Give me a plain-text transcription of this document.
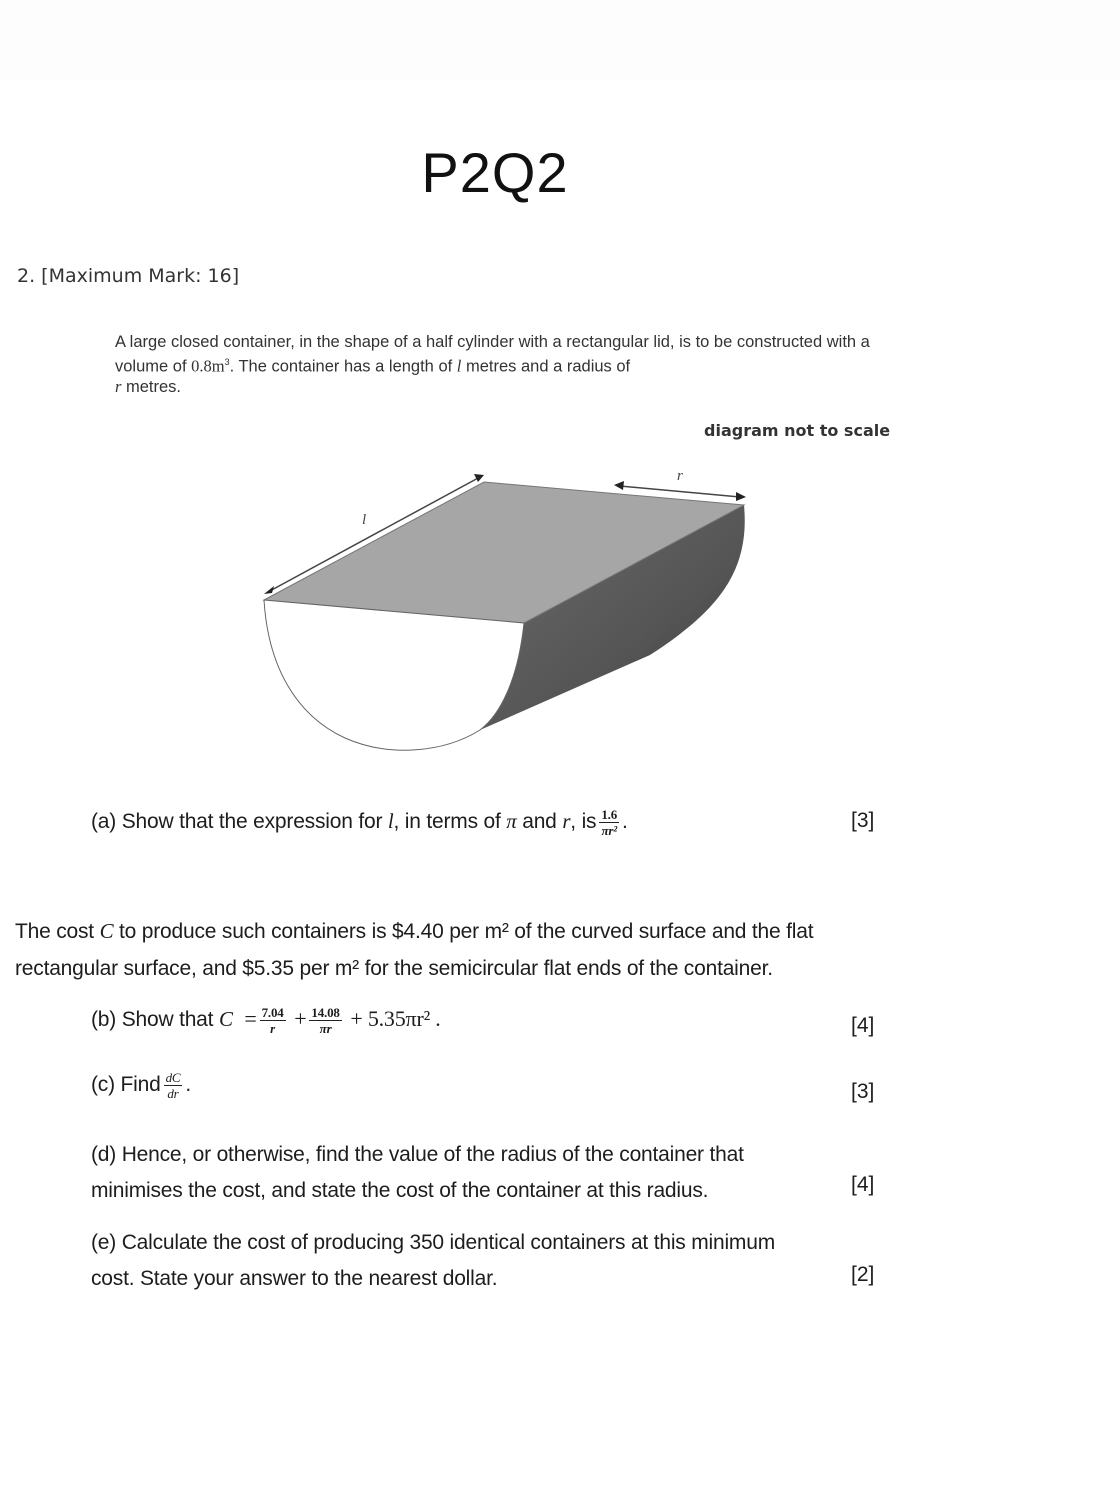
P2Q2
2. [Maximum Mark: 16]
A large closed container, in the shape of a half cylinder with a rectangular lid, is to be constructed with a volume of $0.8m^3$. The container has a length of l metres and a radius of
r metres.
diagram not to scale
l
r
(a) Show that the expression for l, in terms of π and r, is $\frac{1.6}{\text{πr²}}$ .	[3]
The cost C to produce such containers is $4.40 per m² of the curved surface and the flat
rectangular surface, and $5.35 per m² for the semicircular flat ends of the container.
(b) Show that $C = \frac{7.04}{r} + \frac{14.08}{\pi r} + 5.35\pi r^2$ .	[4]
(c) Find $\frac{dC}{dr}$ .	[3]
(d) Hence, or otherwise, find the value of the radius of the container that
minimises the cost, and state the cost of the container at this radius.	[4]
(e) Calculate the cost of producing 350 identical containers at this minimum
cost. State your answer to the nearest dollar.	[2]
